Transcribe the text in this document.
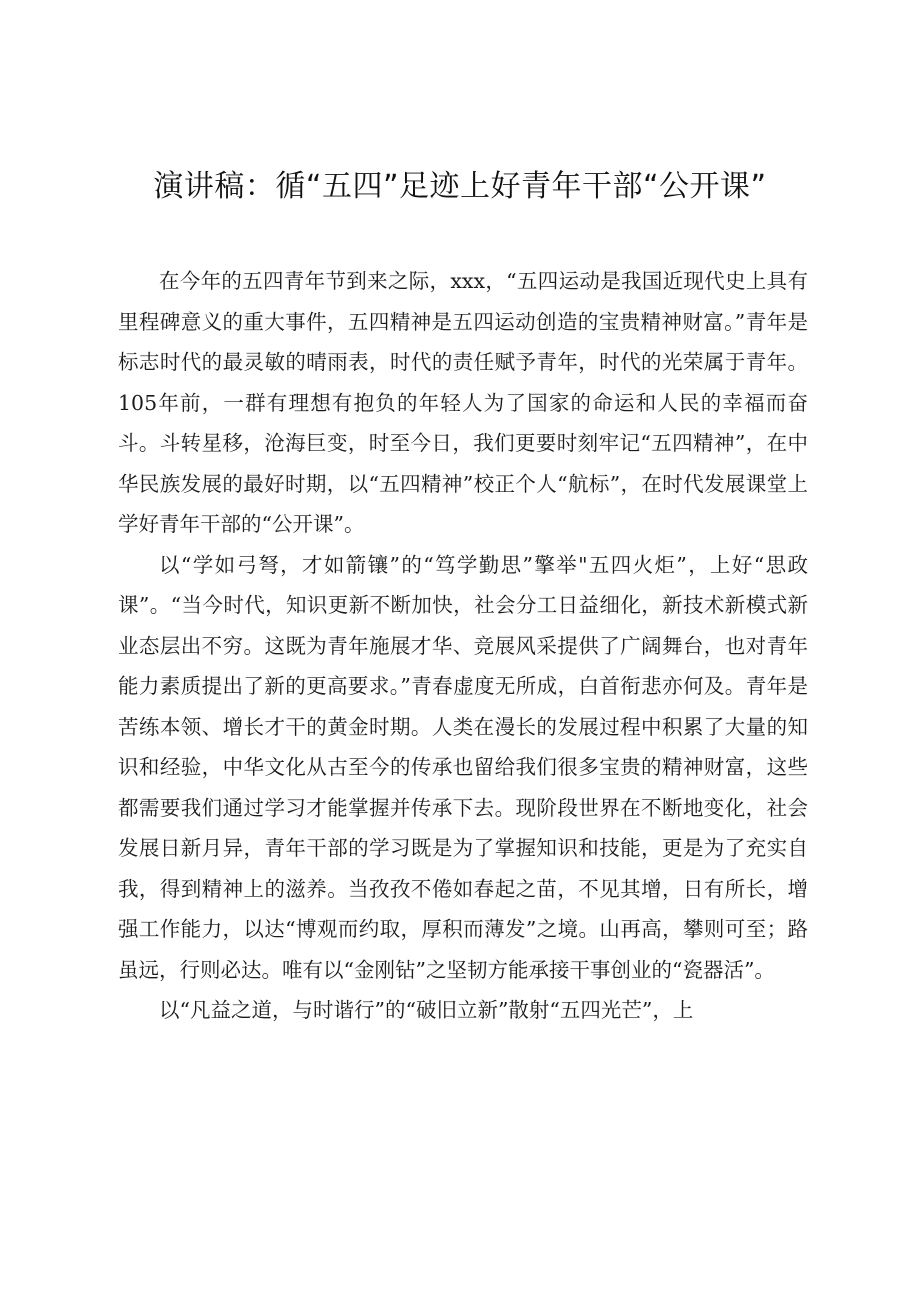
演讲稿：循“五四”足迹上好青年干部“公开课”

在今年的五四青年节到来之际，xxx，“五四运动是我国近现代史上具有里程碑意义的重大事件，五四精神是五四运动创造的宝贵精神财富。”青年是标志时代的最灵敏的晴雨表，时代的责任赋予青年，时代的光荣属于青年。105年前，一群有理想有抱负的年轻人为了国家的命运和人民的幸福而奋斗。斗转星移，沧海巨变，时至今日，我们更要时刻牢记“五四精神”，在中华民族发展的最好时期，以“五四精神”校正个人“航标”，在时代发展课堂上学好青年干部的“公开课”。

以“学如弓弩，才如箭镶”的“笃学勤思”擎举"五四火炬”，上好“思政课”。“当今时代，知识更新不断加快，社会分工日益细化，新技术新模式新业态层出不穷。这既为青年施展才华、竞展风采提供了广阔舞台，也对青年能力素质提出了新的更高要求。”青春虚度无所成，白首衔悲亦何及。青年是苦练本领、增长才干的黄金时期。人类在漫长的发展过程中积累了大量的知识和经验，中华文化从古至今的传承也留给我们很多宝贵的精神财富，这些都需要我们通过学习才能掌握并传承下去。现阶段世界在不断地变化，社会发展日新月异，青年干部的学习既是为了掌握知识和技能，更是为了充实自我，得到精神上的滋养。当孜孜不倦如春起之苗，不见其增，日有所长，增强工作能力，以达“博观而约取，厚积而薄发”之境。山再高，攀则可至；路虽远，行则必达。唯有以“金刚钻”之坚韧方能承接干事创业的“瓷器活”。

以“凡益之道，与时谐行”的“破旧立新”散射“五四光芒”，上
